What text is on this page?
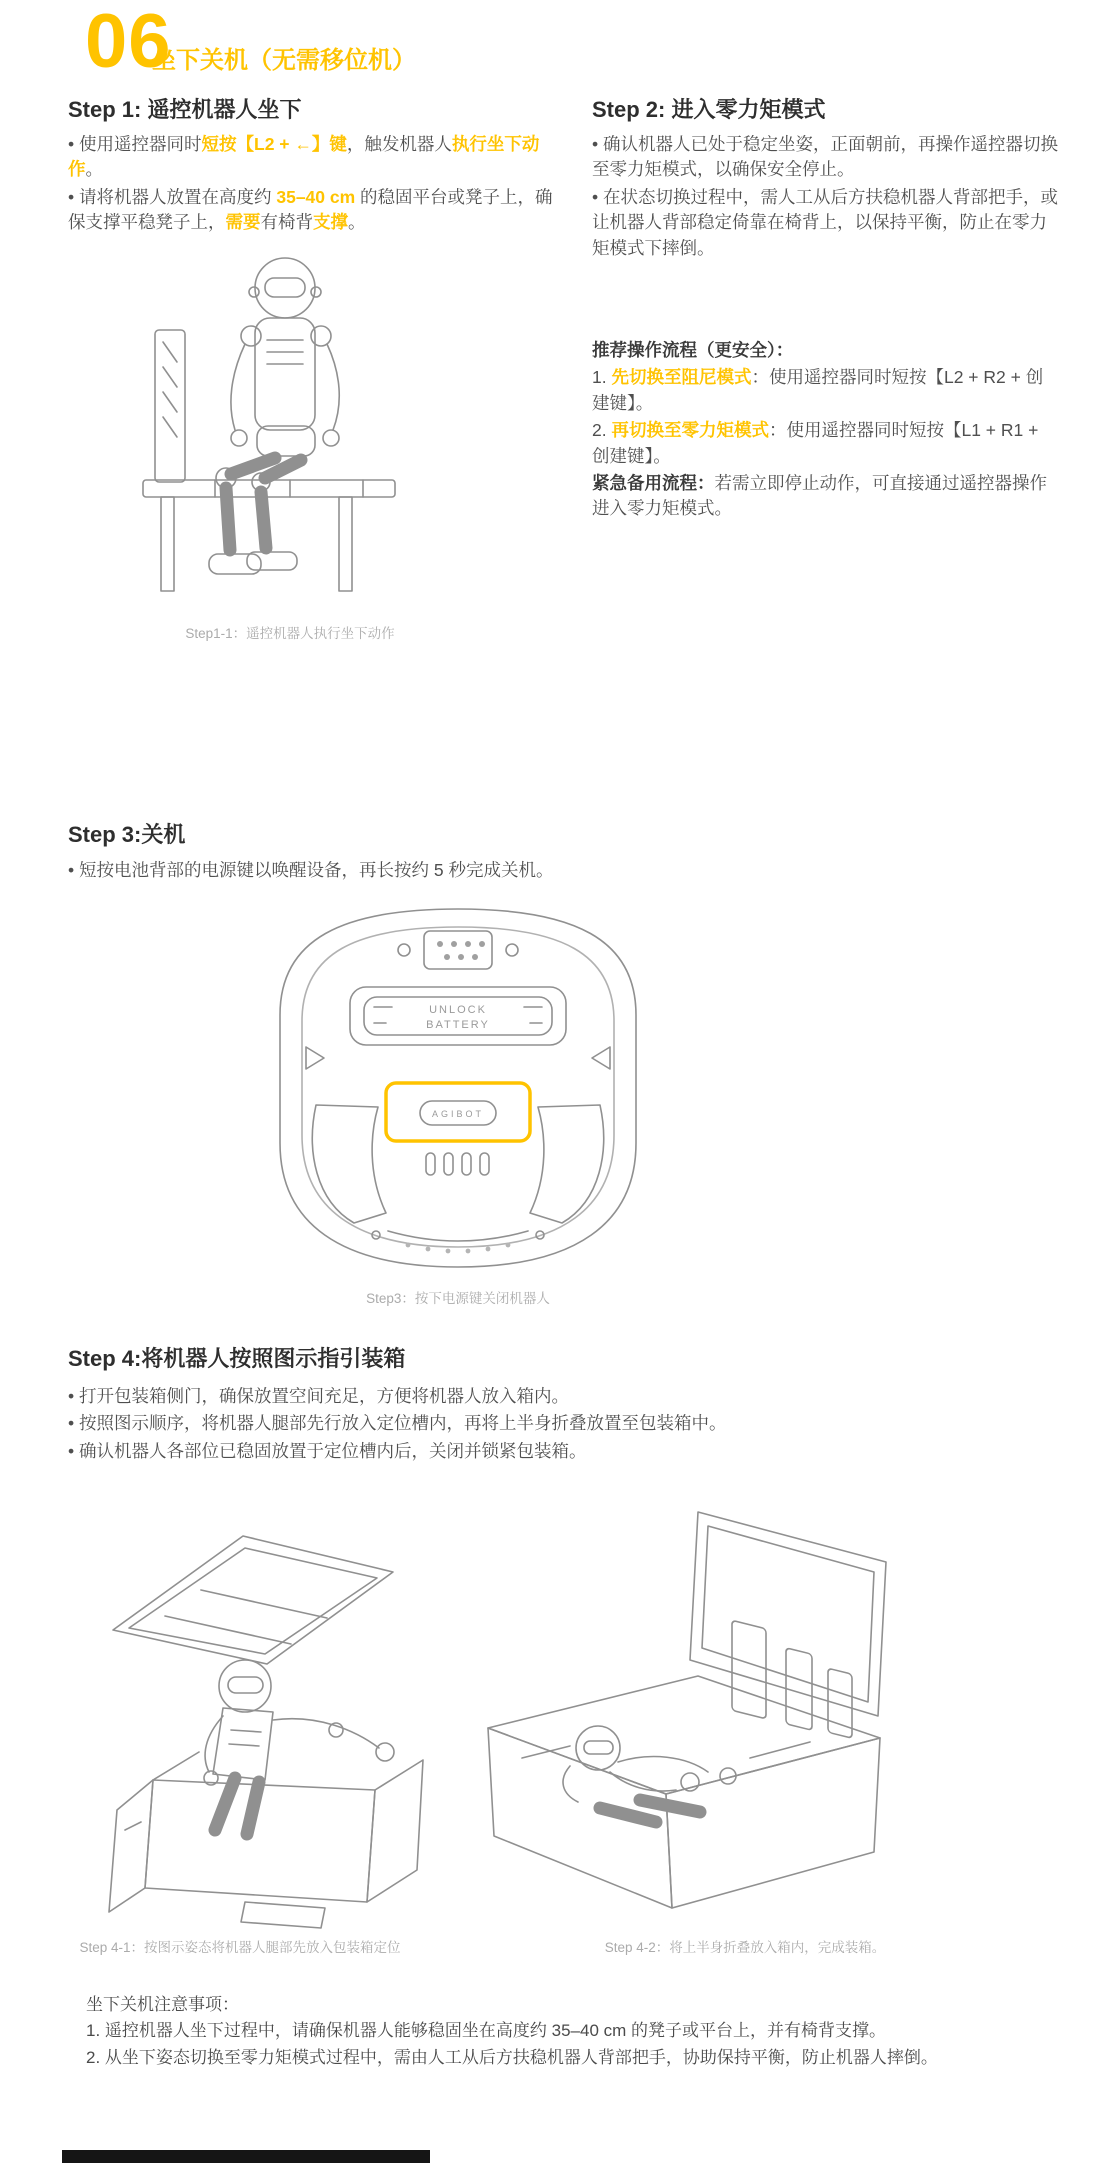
06
坐下关机（无需移位机）
Step 1: 遥控机器人坐下

• 使用遥控器同时短按【L2 + ←】键，触发机器人执行坐下动作。

• 请将机器人放置在高度约 35–40 cm 的稳固平台或凳子上，确保支撑平稳凳子上，需要有椅背支撑。

Step1-1：遥控机器人执行坐下动作
Step 2: 进入零力矩模式

• 确认机器人已处于稳定坐姿，正面朝前，再操作遥控器切换至零力矩模式，以确保安全停止。

• 在状态切换过程中，需人工从后方扶稳机器人背部把手，或让机器人背部稳定倚靠在椅背上，以保持平衡，防止在零力矩模式下摔倒。

推荐操作流程（更安全）：

1. 先切换至阻尼模式：使用遥控器同时短按【L2 + R2 + 创建键】。

2. 再切换至零力矩模式：使用遥控器同时短按【L1 + R1 + 创建键】。

紧急备用流程：若需立即停止动作，可直接通过遥控器操作进入零力矩模式。

Step 3:关机

• 短按电池背部的电源键以唤醒设备，再长按约 5 秒完成关机。

UNLOCK
BATTERY
AGIBOT
Step3：按下电源键关闭机器人
Step 4:将机器人按照图示指引装箱

• 打开包装箱侧门，确保放置空间充足，方便将机器人放入箱内。

• 按照图示顺序，将机器人腿部先行放入定位槽内，再将上半身折叠放置至包装箱中。

• 确认机器人各部位已稳固放置于定位槽内后，关闭并锁紧包装箱。

Step 4-1：按图示姿态将机器人腿部先放入包装箱定位	Step 4-2：将上半身折叠放入箱内，完成装箱。

坐下关机注意事项：

1. 遥控机器人坐下过程中，请确保机器人能够稳固坐在高度约 35–40 cm 的凳子或平台上，并有椅背支撑。

2. 从坐下姿态切换至零力矩模式过程中，需由人工从后方扶稳机器人背部把手，协助保持平衡，防止机器人摔倒。
